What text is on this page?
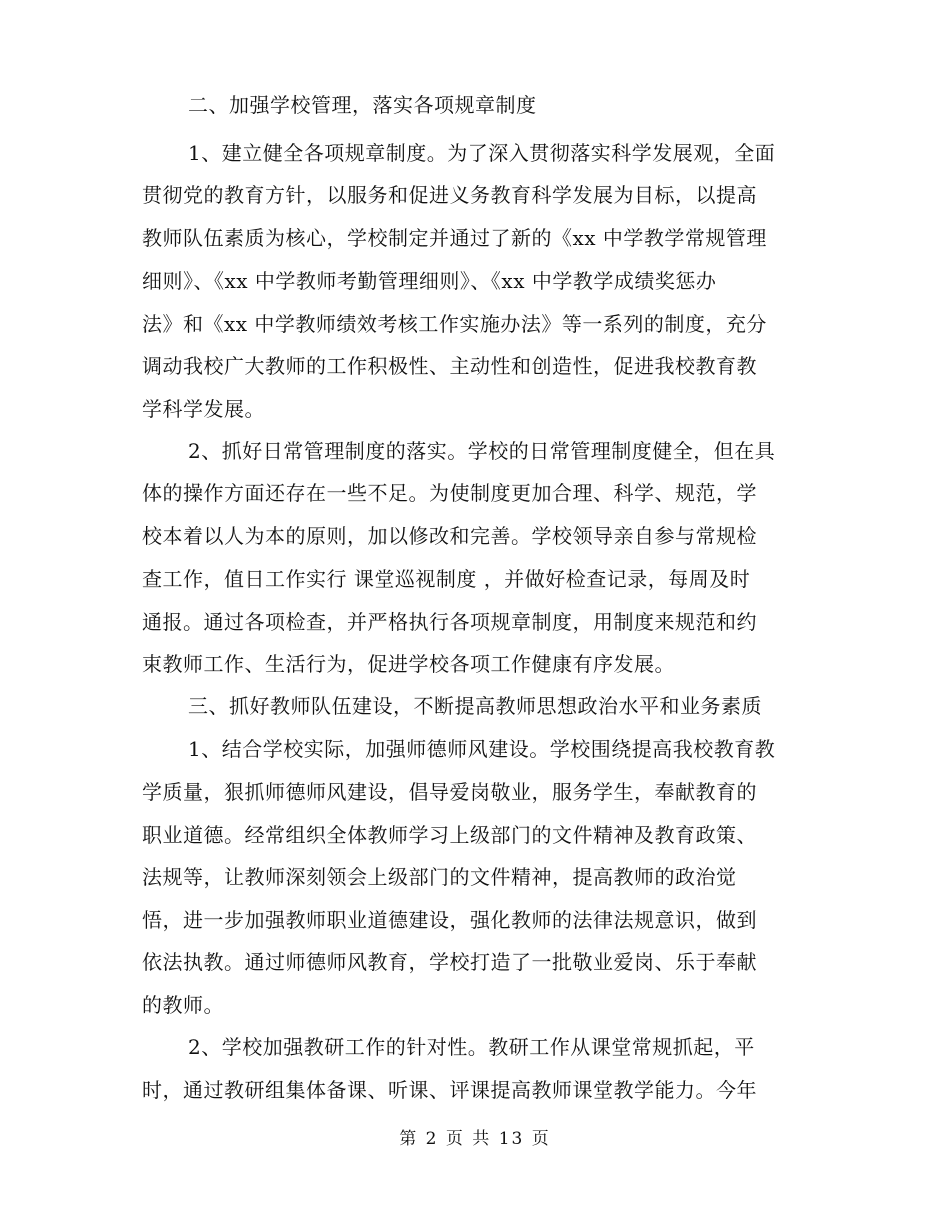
二、加强学校管理，落实各项规章制度
1、建立健全各项规章制度。为了深入贯彻落实科学发展观，全面
贯彻党的教育方针，以服务和促进义务教育科学发展为目标，以提高
教师队伍素质为核心，学校制定并通过了新的《xx 中学教学常规管理
细则》、《xx 中学教师考勤管理细则》、《xx 中学教学成绩奖惩办
法》和《xx 中学教师绩效考核工作实施办法》等一系列的制度，充分
调动我校广大教师的工作积极性、主动性和创造性，促进我校教育教
学科学发展。
2、抓好日常管理制度的落实。学校的日常管理制度健全，但在具
体的操作方面还存在一些不足。为使制度更加合理、科学、规范，学
校本着以人为本的原则，加以修改和完善。学校领导亲自参与常规检
查工作，值日工作实行 课堂巡视制度 ，并做好检查记录，每周及时
通报。通过各项检查，并严格执行各项规章制度，用制度来规范和约
束教师工作、生活行为，促进学校各项工作健康有序发展。
三、抓好教师队伍建设，不断提高教师思想政治水平和业务素质
1、结合学校实际，加强师德师风建设。学校围绕提高我校教育教
学质量，狠抓师德师风建设，倡导爱岗敬业，服务学生，奉献教育的
职业道德。经常组织全体教师学习上级部门的文件精神及教育政策、
法规等，让教师深刻领会上级部门的文件精神，提高教师的政治觉
悟，进一步加强教师职业道德建设，强化教师的法律法规意识，做到
依法执教。通过师德师风教育，学校打造了一批敬业爱岗、乐于奉献
的教师。
2、学校加强教研工作的针对性。教研工作从课堂常规抓起，平
时，通过教研组集体备课、听课、评课提高教师课堂教学能力。今年
第 2 页 共 13 页
